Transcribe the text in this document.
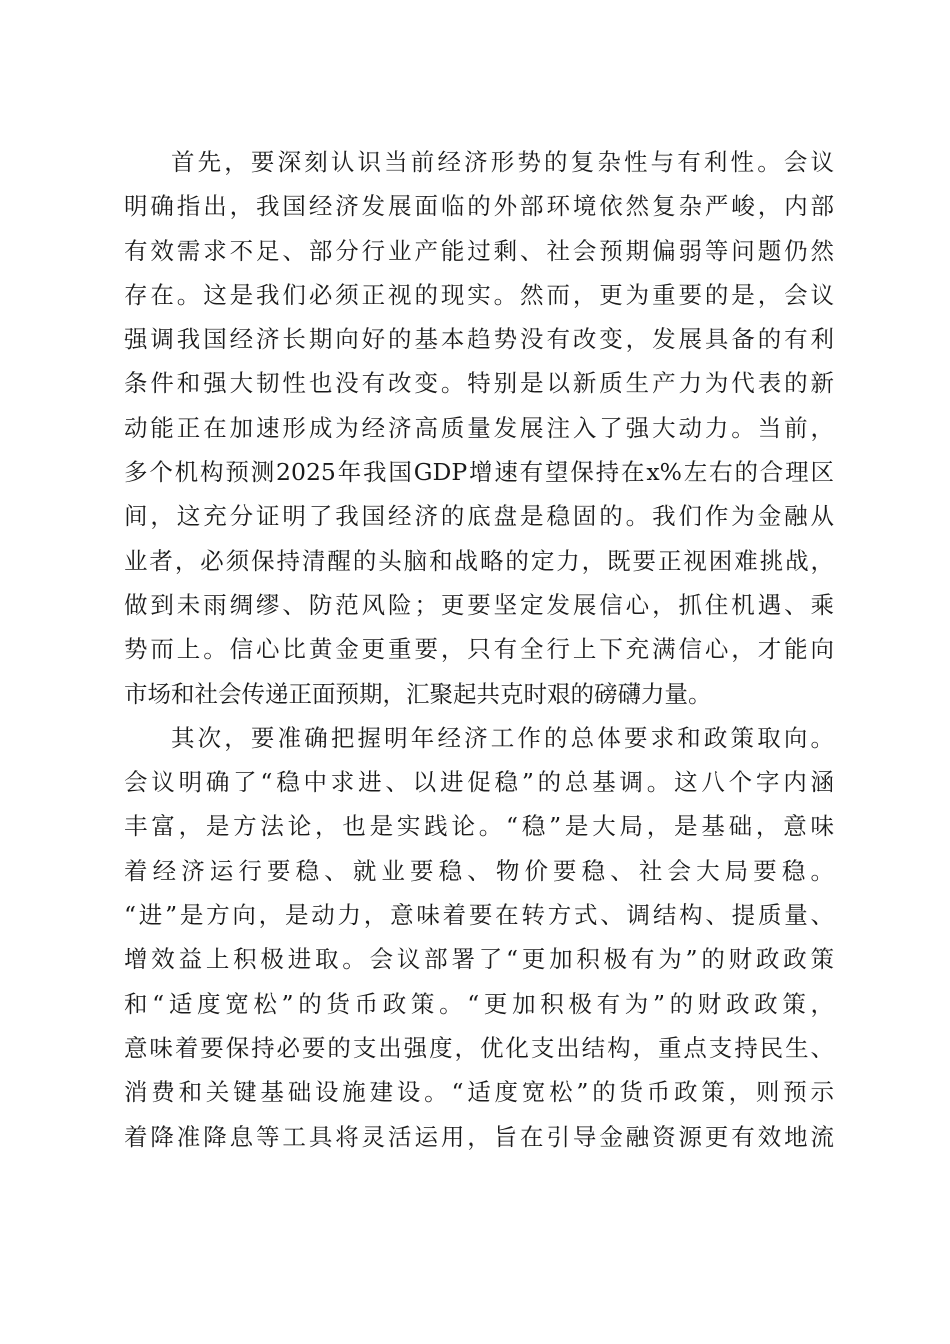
首先，要深刻认识当前经济形势的复杂性与有利性。会议
明确指出，我国经济发展面临的外部环境依然复杂严峻，内部
有效需求不足、部分行业产能过剩、社会预期偏弱等问题仍然
存在。这是我们必须正视的现实。然而，更为重要的是，会议
强调我国经济长期向好的基本趋势没有改变，发展具备的有利
条件和强大韧性也没有改变。特别是以新质生产力为代表的新
动能正在加速形成为经济高质量发展注入了强大动力。当前，
多个机构预测2025年我国GDP增速有望保持在x%左右的合理区
间，这充分证明了我国经济的底盘是稳固的。我们作为金融从
业者，必须保持清醒的头脑和战略的定力，既要正视困难挑战，
做到未雨绸缪、防范风险；更要坚定发展信心，抓住机遇、乘
势而上。信心比黄金更重要，只有全行上下充满信心，才能向
市场和社会传递正面预期，汇聚起共克时艰的磅礴力量。
其次，要准确把握明年经济工作的总体要求和政策取向。
会议明确了“稳中求进、以进促稳”的总基调。这八个字内涵
丰富，是方法论，也是实践论。“稳”是大局，是基础，意味
着经济运行要稳、就业要稳、物价要稳、社会大局要稳。
“进”是方向，是动力，意味着要在转方式、调结构、提质量、
增效益上积极进取。会议部署了“更加积极有为”的财政政策
和“适度宽松”的货币政策。“更加积极有为”的财政政策，
意味着要保持必要的支出强度，优化支出结构，重点支持民生、
消费和关键基础设施建设。“适度宽松”的货币政策，则预示
着降准降息等工具将灵活运用，旨在引导金融资源更有效地流
